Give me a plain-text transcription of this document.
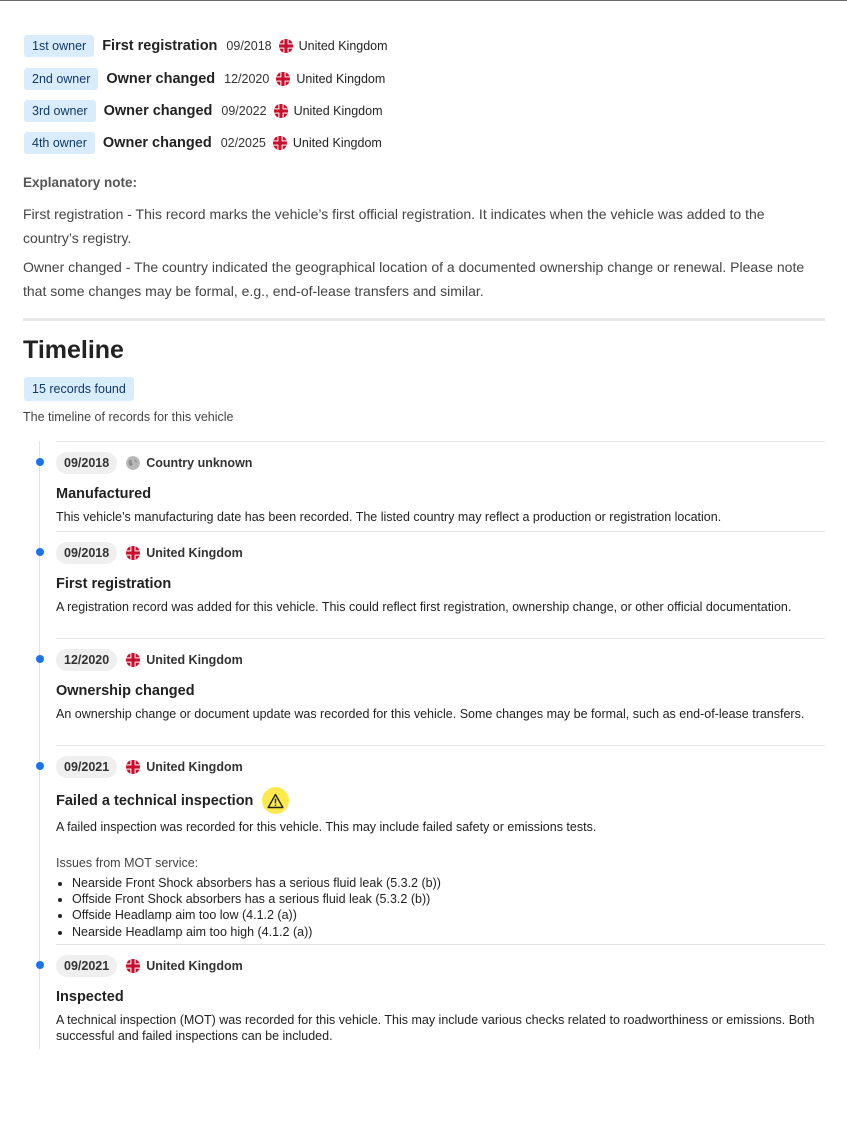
1st owner	First registration 09/2018 United Kingdom
2nd owner	Owner changed 12/2020 United Kingdom
3rd owner	Owner changed 09/2022 United Kingdom
4th owner	Owner changed 02/2025 United Kingdom
Explanatory note:

First registration - This record marks the vehicle’s first official registration. It indicates when the vehicle was added to the country’s registry.

Owner changed - The country indicated the geographical location of a documented ownership change or renewal. Please note that some changes may be formal, e.g., end-of-lease transfers and similar.

Timeline
15 records found
The timeline of records for this vehicle
09/2018	Country unknown
Manufactured
This vehicle’s manufacturing date has been recorded. The listed country may reflect a production or registration location.
09/2018	United Kingdom
First registration
A registration record was added for this vehicle. This could reflect first registration, ownership change, or other official documentation.
12/2020	United Kingdom
Ownership changed
An ownership change or document update was recorded for this vehicle. Some changes may be formal, such as end-of-lease transfers.
09/2021	United Kingdom
Failed a technical inspection
A failed inspection was recorded for this vehicle. This may include failed safety or emissions tests.
Issues from MOT service:
• Nearside Front Shock absorbers has a serious fluid leak (5.3.2 (b))
• Offside Front Shock absorbers has a serious fluid leak (5.3.2 (b))
• Offside Headlamp aim too low (4.1.2 (a))
• Nearside Headlamp aim too high (4.1.2 (a))
09/2021	United Kingdom
Inspected
A technical inspection (MOT) was recorded for this vehicle. This may include various checks related to roadworthiness or emissions. Both successful and failed inspections can be included.
